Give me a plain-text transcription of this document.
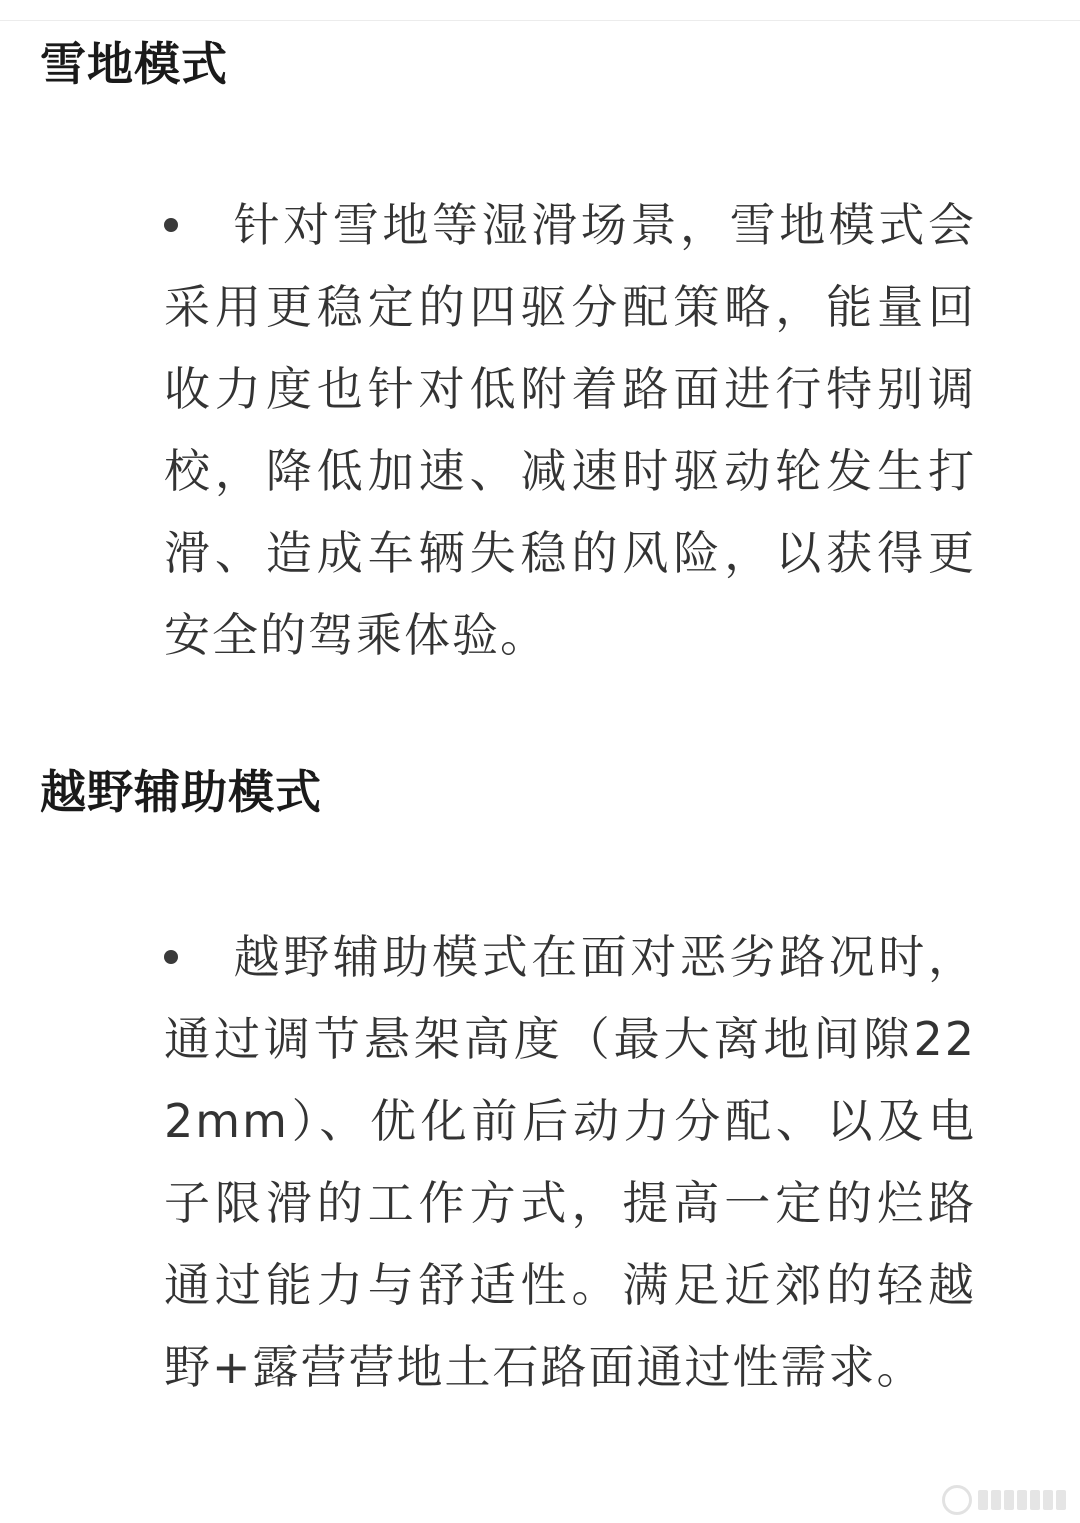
雪地模式
针对雪地等湿滑场景，雪地模式会采用更稳定的四驱分配策略，能量回收力度也针对低附着路面进行特别调校，降低加速、减速时驱动轮发生打滑、造成车辆失稳的风险，以获得更安全的驾乘体验。
越野辅助模式
越野辅助模式在面对恶劣路况时，通过调节悬架高度（最大离地间隙222mm）、优化前后动力分配、以及电子限滑的工作方式，提高一定的烂路通过能力与舒适性。满足近郊的轻越野+露营营地土石路面通过性需求。
